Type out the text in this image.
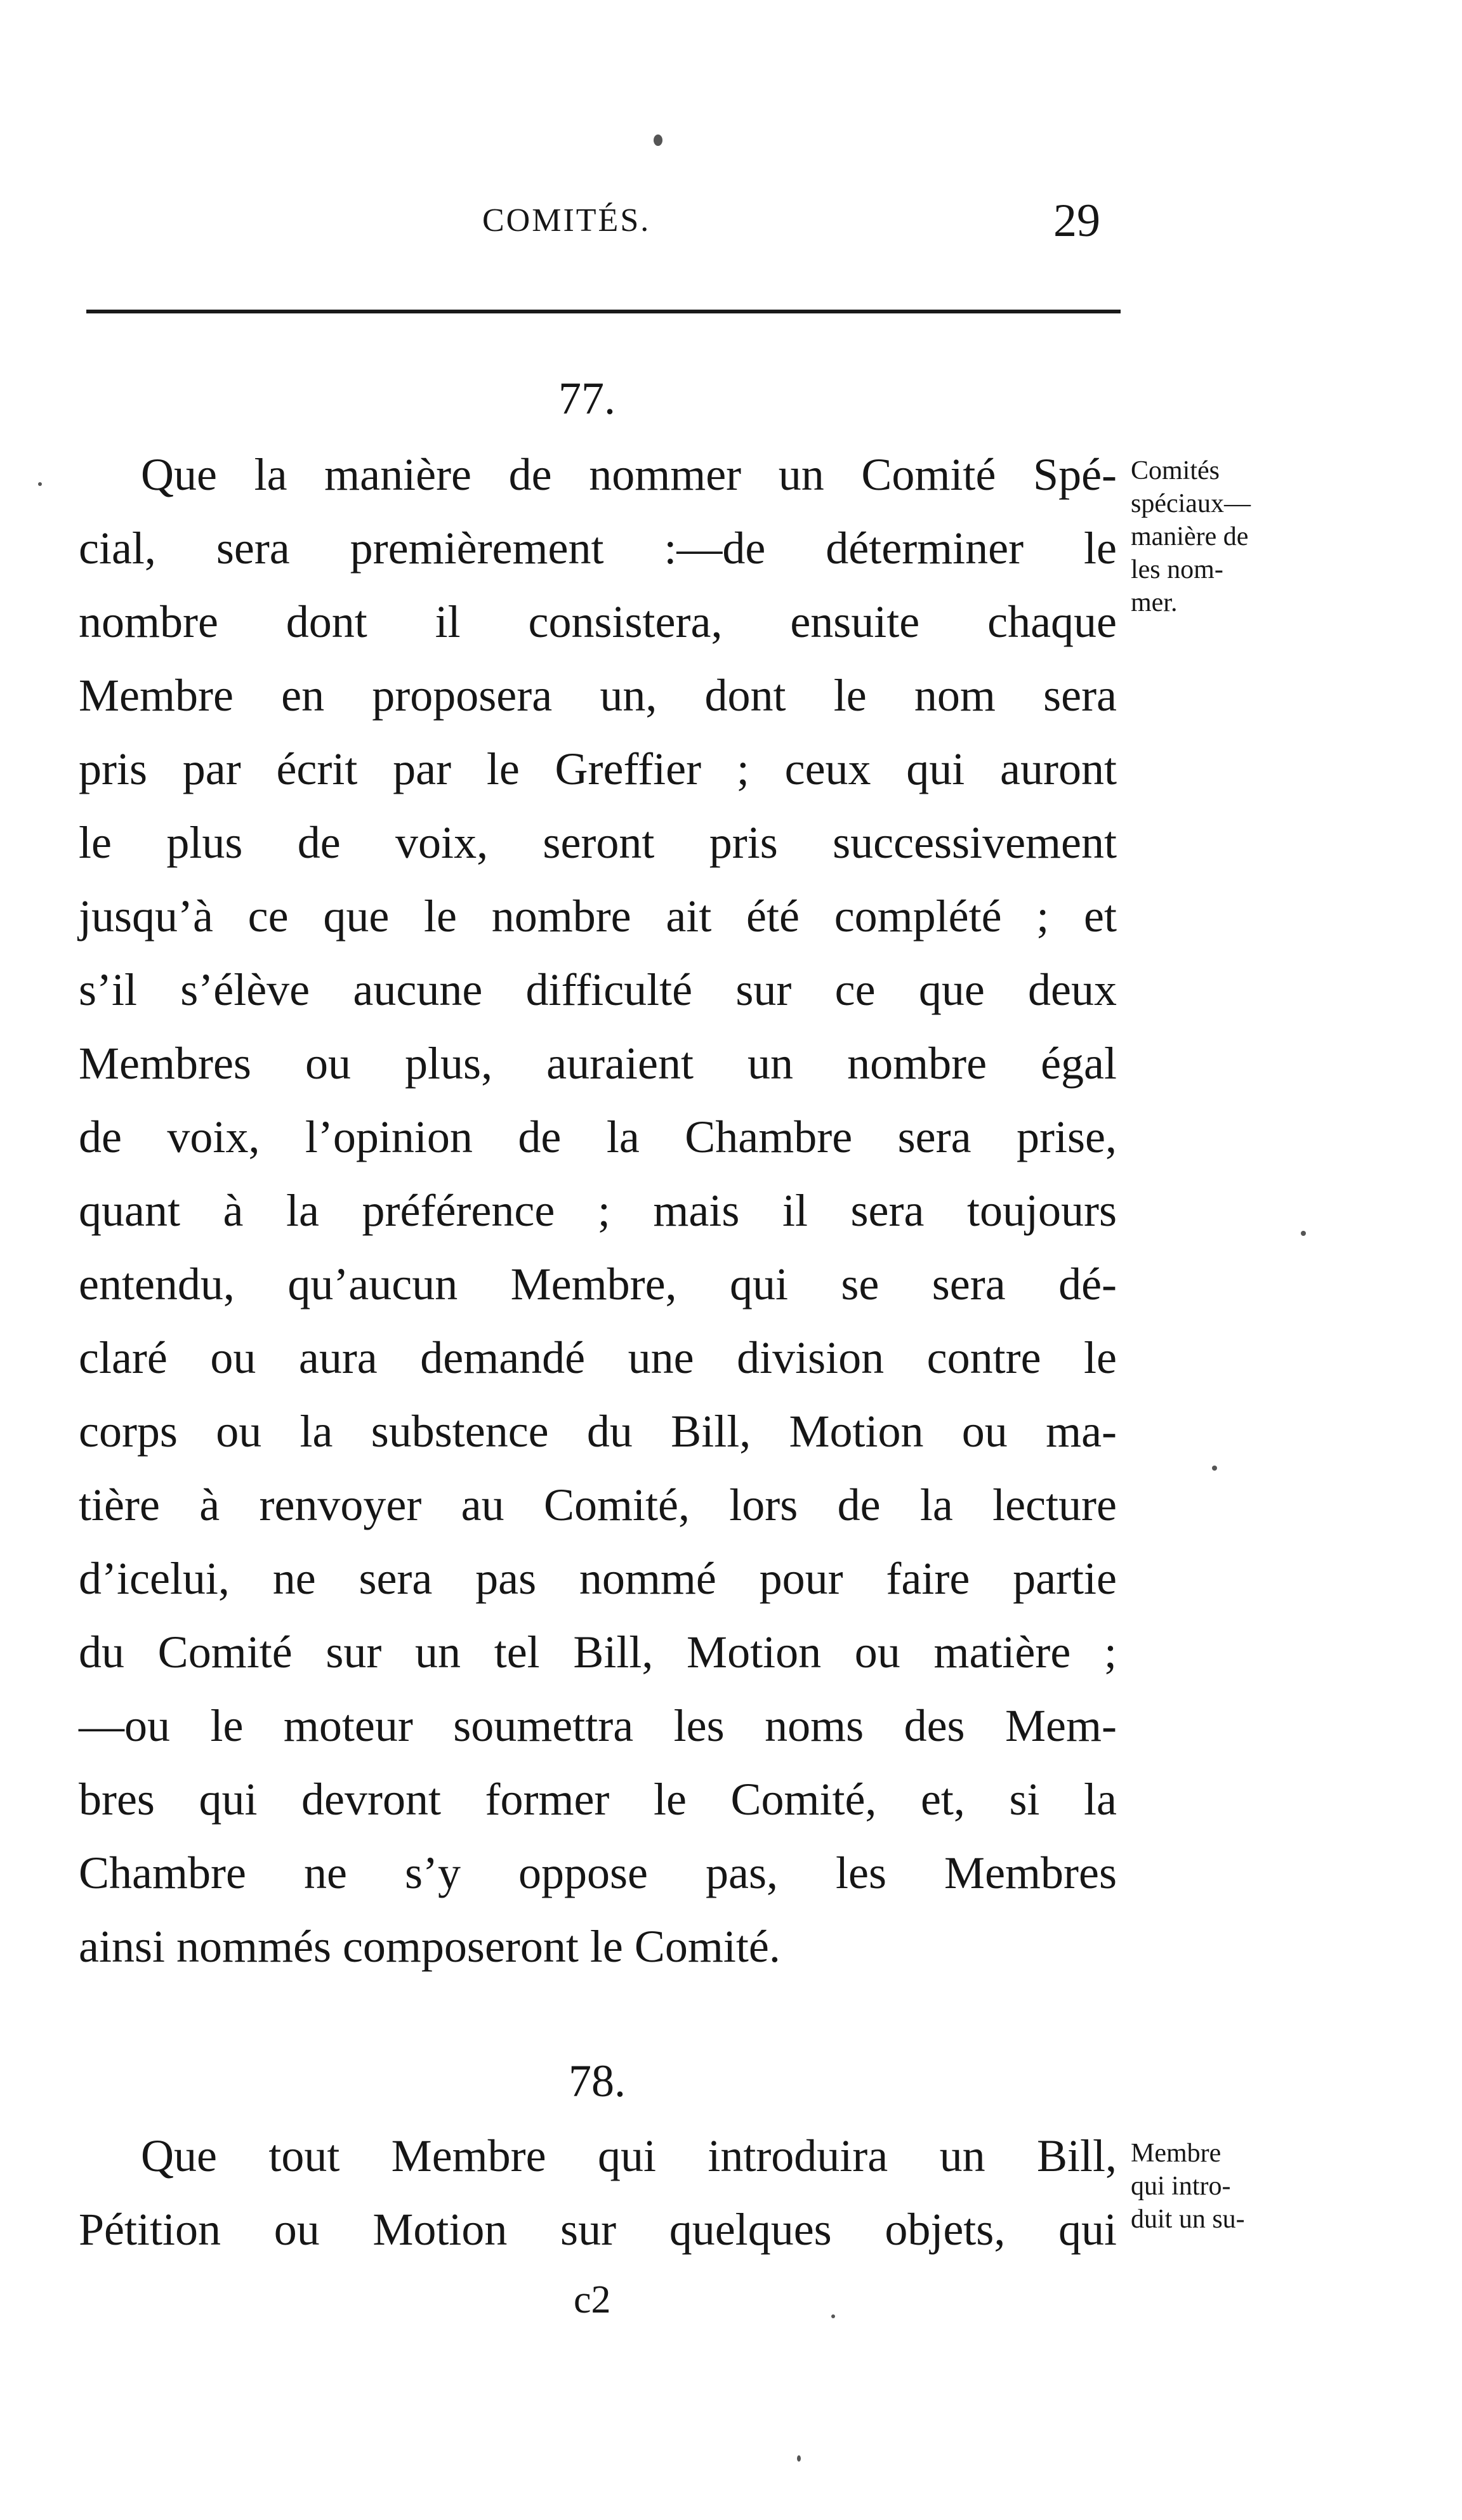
COMITÉS.	29
77.
Que la manière de nommer un Comité Spé-
cial, sera premièrement :—de déterminer le
nombre dont il consistera, ensuite chaque
Membre en proposera un, dont le nom sera
pris par écrit par le Greffier ; ceux qui auront
le plus de voix, seront pris successivement
jusqu’à ce que le nombre ait été complété ; et
s’il s’élève aucune difficulté sur ce que deux
Membres ou plus, auraient un nombre égal
de voix, l’opinion de la Chambre sera prise,
quant à la préférence ; mais il sera toujours
entendu, qu’aucun Membre, qui se sera dé-
claré ou aura demandé une division contre le
corps ou la substence du Bill, Motion ou ma-
tière à renvoyer au Comité, lors de la lecture
d’icelui, ne sera pas nommé pour faire partie
du Comité sur un tel Bill, Motion ou matière ;
—ou le moteur soumettra les noms des Mem-
bres qui devront former le Comité, et, si la
Chambre ne s’y oppose pas, les Membres
ainsi nommés composeront le Comité.
Comités
spéciaux—
manière de
les nom-
mer.
78.
Que tout Membre qui introduira un Bill,
Pétition ou Motion sur quelques objets, qui
Membre
qui intro-
duit un su-
c2
